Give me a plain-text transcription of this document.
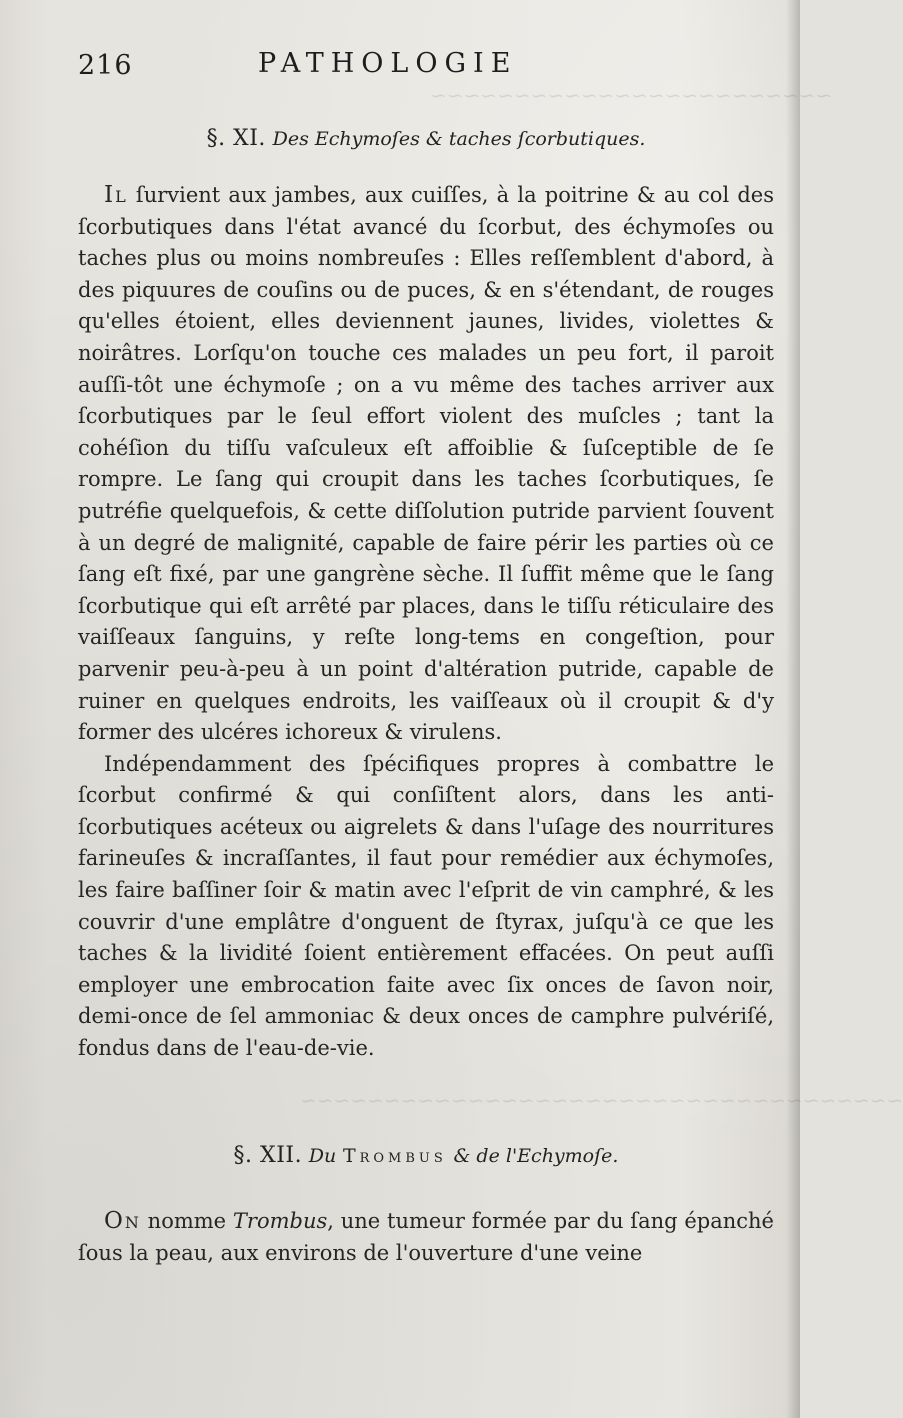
~~~~~~~~~~~~~~~~~~~~~~~~
~~~~~~~~~~~~~~~~~~~~~~~~~~~~~~~~~~~~
216	PATHOLOGIE
§. XI. Des Echymoſes & taches ſcorbutiques.

Il ſurvient aux jambes, aux cuiſſes, à la poitrine & au col des ſcorbutiques dans l'état avancé du ſcorbut, des échymoſes ou taches plus ou moins nombreuſes : Elles reſſemblent d'abord, à des piquures de couſins ou de puces, & en s'étendant, de rouges qu'elles étoient, elles deviennent jaunes, livides, violettes & noirâtres. Lorſqu'on touche ces malades un peu fort, il paroit auſſi-tôt une échymoſe ; on a vu même des taches arriver aux ſcorbutiques par le ſeul effort violent des muſcles ; tant la cohéſion du tiſſu vaſculeux eſt affoiblie & ſuſceptible de ſe rompre. Le ſang qui croupit dans les taches ſcorbutiques, ſe putréfie quelquefois, & cette diſſolution putride parvient ſouvent à un degré de malignité, capable de faire périr les parties où ce ſang eſt fixé, par une gangrène sèche. Il ſuffit même que le ſang ſcorbutique qui eſt arrêté par places, dans le tiſſu réticulaire des vaiſſeaux ſanguins, y reſte long-tems en congeſtion, pour parvenir peu-à-peu à un point d'altération putride, capable de ruiner en quelques endroits, les vaiſſeaux où il croupit & d'y former des ulcéres ichoreux & virulens.

Indépendamment des ſpécifiques propres à combattre le ſcorbut confirmé & qui conſiſtent alors, dans les anti-ſcorbutiques acéteux ou aigrelets & dans l'uſage des nourritures farineuſes & incraſſantes, il faut pour remédier aux échymoſes, les faire baſſiner ſoir & matin avec l'eſprit de vin camphré, & les couvrir d'une emplâtre d'onguent de ſtyrax, juſqu'à ce que les taches & la lividité ſoient entièrement effacées. On peut auſſi employer une embrocation faite avec ſix onces de ſavon noir, demi-once de ſel ammoniac & deux onces de camphre pulvériſé, fondus dans de l'eau-de-vie.

§. XII. Du Trombus & de l'Echymoſe.

On nomme Trombus, une tumeur formée par du ſang épanché ſous la peau, aux environs de l'ouverture d'une veine
